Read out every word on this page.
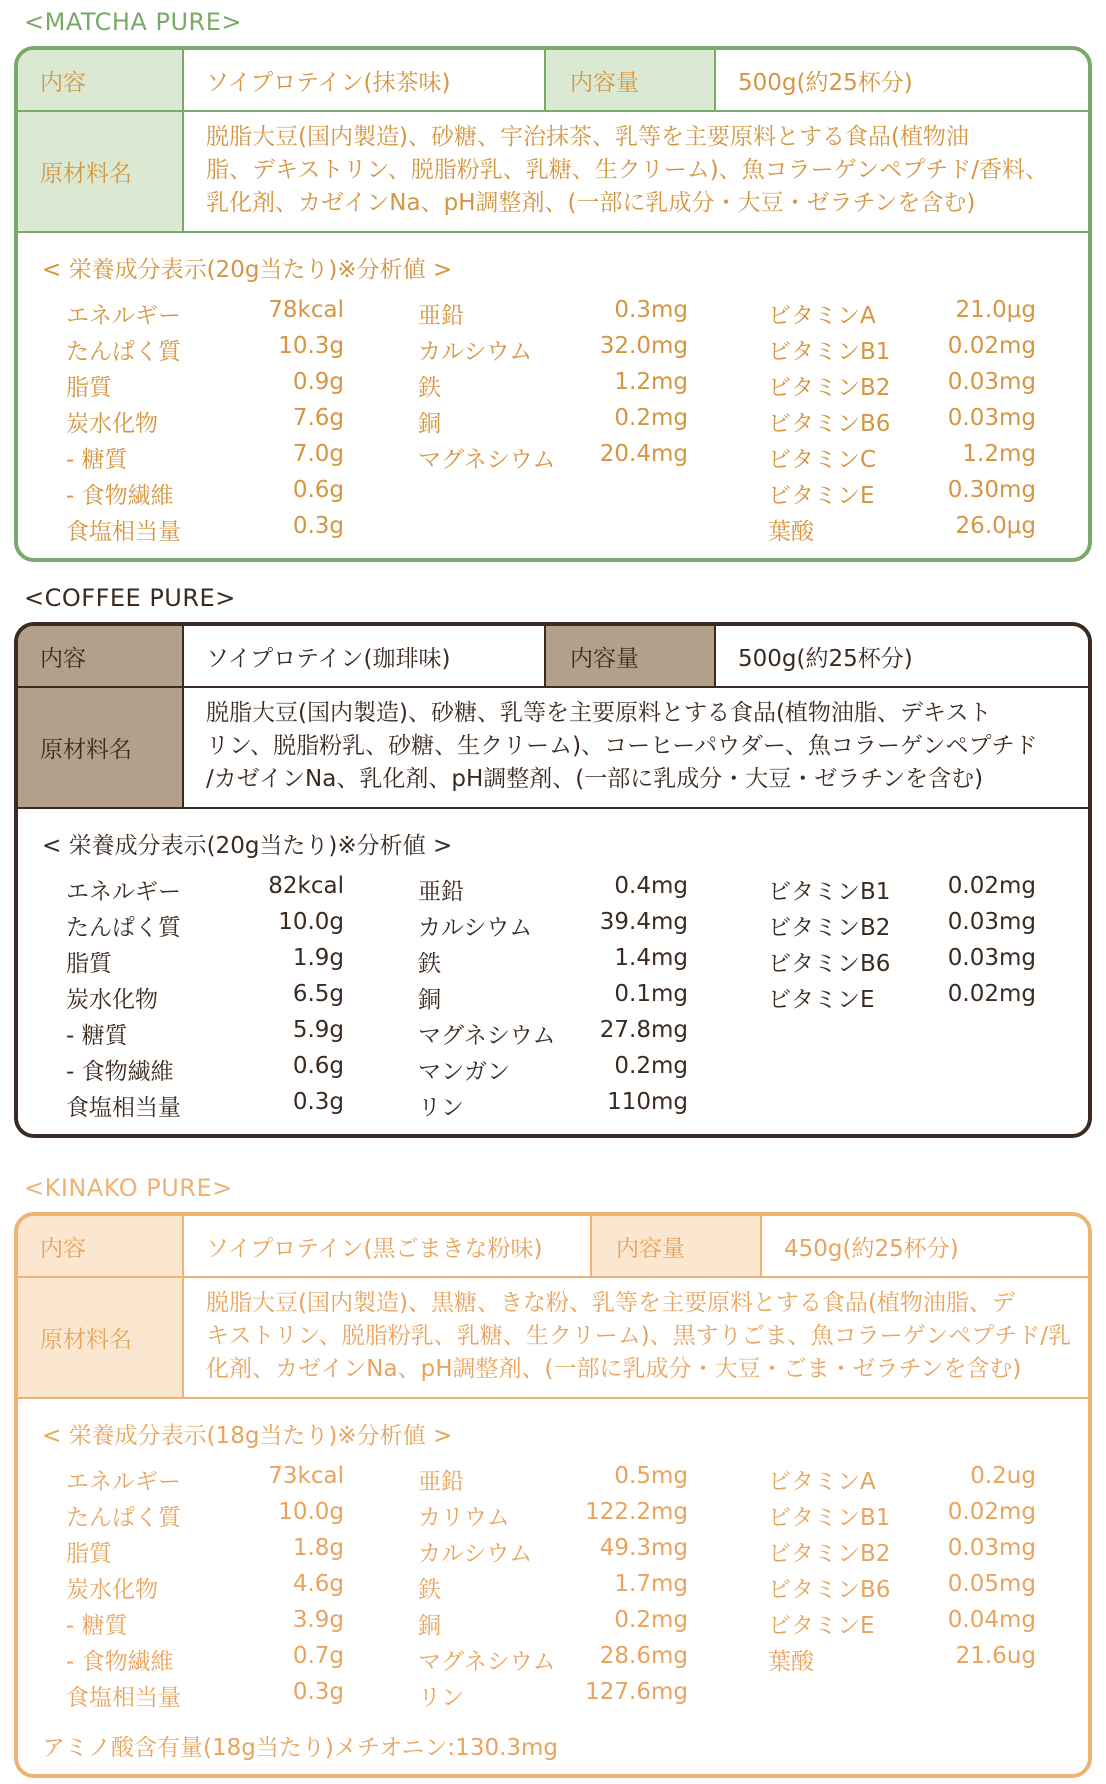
<MATCHA PURE>
内容	ソイプロテイン(抹茶味)	内容量	500g(約25杯分)
原材料名
脱脂大豆(国内製造)、砂糖、宇治抹茶、乳等を主要原料とする食品(植物油
脂、デキストリン、脱脂粉乳、乳糖、生クリーム)、魚コラーゲンペプチド/香料、
乳化剤、カゼインNa、pH調整剤、(一部に乳成分・大豆・ゼラチンを含む)
< 栄養成分表示(20g当たり)※分析値 >
エネルギー	78kcal
たんぱく質	10.3g
脂質	0.9g
炭水化物	7.6g
- 糖質	7.0g
- 食物繊維	0.6g
食塩相当量	0.3g
亜鉛	0.3mg
カルシウム	32.0mg
鉄	1.2mg
銅	0.2mg
マグネシウム 20.4mg
ビタミンA	21.0μg
ビタミンB1 0.02mg
ビタミンB2 0.03mg
ビタミンB6 0.03mg
ビタミンC	1.2mg
ビタミンE	0.30mg
葉酸	26.0μg
<COFFEE PURE>
内容	ソイプロテイン(珈琲味)	内容量	500g(約25杯分)
原材料名
脱脂大豆(国内製造)、砂糖、乳等を主要原料とする食品(植物油脂、デキスト
リン、脱脂粉乳、砂糖、生クリーム)、コーヒーパウダー、魚コラーゲンペプチド
/カゼインNa、乳化剤、pH調整剤、(一部に乳成分・大豆・ゼラチンを含む)
< 栄養成分表示(20g当たり)※分析値 >
エネルギー	82kcal
たんぱく質	10.0g
脂質	1.9g
炭水化物	6.5g
- 糖質	5.9g
- 食物繊維	0.6g
食塩相当量	0.3g
亜鉛	0.4mg
カルシウム	39.4mg
鉄	1.4mg
銅	0.1mg
マグネシウム 27.8mg
マンガン	0.2mg
リン	110mg
ビタミンB1 0.02mg
ビタミンB2 0.03mg
ビタミンB6 0.03mg
ビタミンE	0.02mg
<KINAKO PURE>
内容	ソイプロテイン(黒ごまきな粉味)	内容量	450g(約25杯分)
原材料名
脱脂大豆(国内製造)、黒糖、きな粉、乳等を主要原料とする食品(植物油脂、デ
キストリン、脱脂粉乳、乳糖、生クリーム)、黒すりごま、魚コラーゲンペプチド/乳
化剤、カゼインNa、pH調整剤、(一部に乳成分・大豆・ごま・ゼラチンを含む)
< 栄養成分表示(18g当たり)※分析値 >
エネルギー	73kcal
たんぱく質	10.0g
脂質	1.8g
炭水化物	4.6g
- 糖質	3.9g
- 食物繊維	0.7g
食塩相当量	0.3g
亜鉛	0.5mg
カリウム	122.2mg
カルシウム	49.3mg
鉄	1.7mg
銅	0.2mg
マグネシウム 28.6mg
リン	127.6mg
ビタミンA	0.2ug
ビタミンB1 0.02mg
ビタミンB2 0.03mg
ビタミンB6 0.05mg
ビタミンE	0.04mg
葉酸	21.6ug
アミノ酸含有量(18g当たり)メチオニン:130.3mg
